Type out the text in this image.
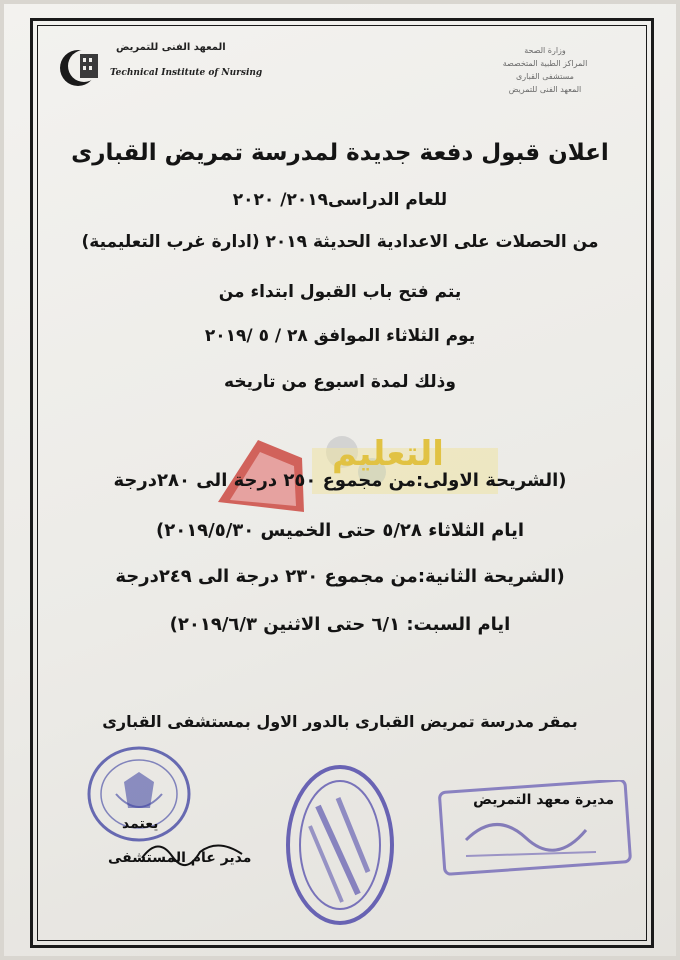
المعهد الفنى للتمريض
Technical Institute of Nursing
وزارة الصحة
المراكز الطبية المتخصصة
مستشفى القبارى
المعهد الفنى للتمريض
اعلان قبول دفعة جديدة لمدرسة تمريض القبارى
للعام الدراسى٢٠١٩/ ٢٠٢٠
من الحصلات على الاعدادية الحديثة ٢٠١٩ (ادارة غرب التعليمية)
يتم فتح باب القبول ابتداء من
يوم الثلاثاء الموافق ٢٨ / ٥ /٢٠١٩
وذلك لمدة اسبوع من تاريخه
التعليم
(الشريحة الاولى:من مجموع ٢٥٠ درجة الى ٢٨٠درجة
ايام الثلاثاء ٥/٢٨ حتى الخميس ٢٠١٩/٥/٣٠)
(الشريحة الثانية:من مجموع ٢٣٠ درجة الى ٢٤٩درجة
ايام السبت: ٦/١ حتى الاثنين ٢٠١٩/٦/٣)
بمقر مدرسة تمريض القبارى بالدور الاول بمستشفى القبارى
يعتمد
مدير عام المستشفى
مديرة معهد التمريض
